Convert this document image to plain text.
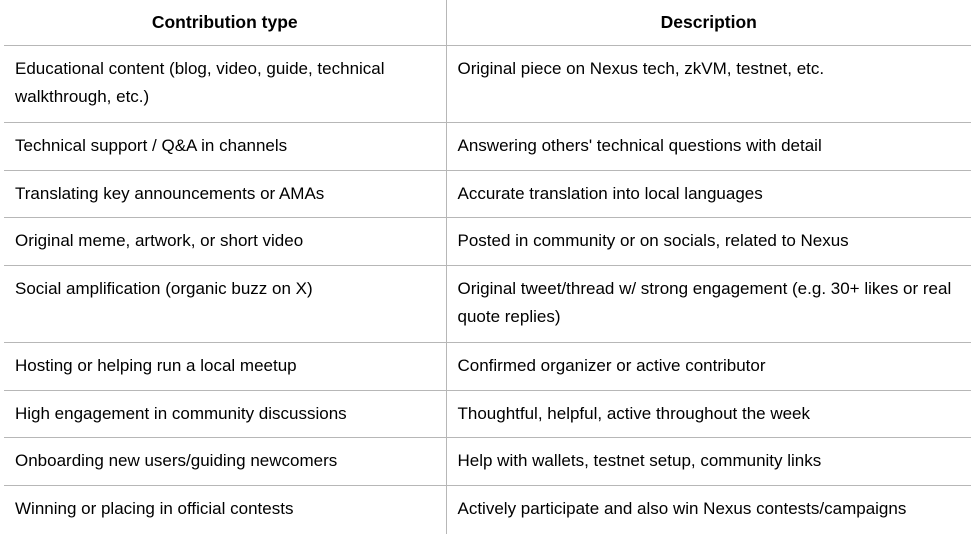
Contribution type	Description

Educational content (blog, video, guide, technical walkthrough, etc.)	Original piece on Nexus tech, zkVM, testnet, etc.

Technical support / Q&A in channels	Answering others' technical questions with detail

Translating key announcements or AMAs	Accurate translation into local languages

Original meme, artwork, or short video	Posted in community or on socials, related to Nexus

Social amplification (organic buzz on X)	Original tweet/thread w/ strong engagement (e.g. 30+ likes or real quote replies)

Hosting or helping run a local meetup	Confirmed organizer or active contributor

High engagement in community discussions	Thoughtful, helpful, active throughout the week

Onboarding new users/guiding newcomers	Help with wallets, testnet setup, community links

Winning or placing in official contests	Actively participate and also win Nexus contests/campaigns
